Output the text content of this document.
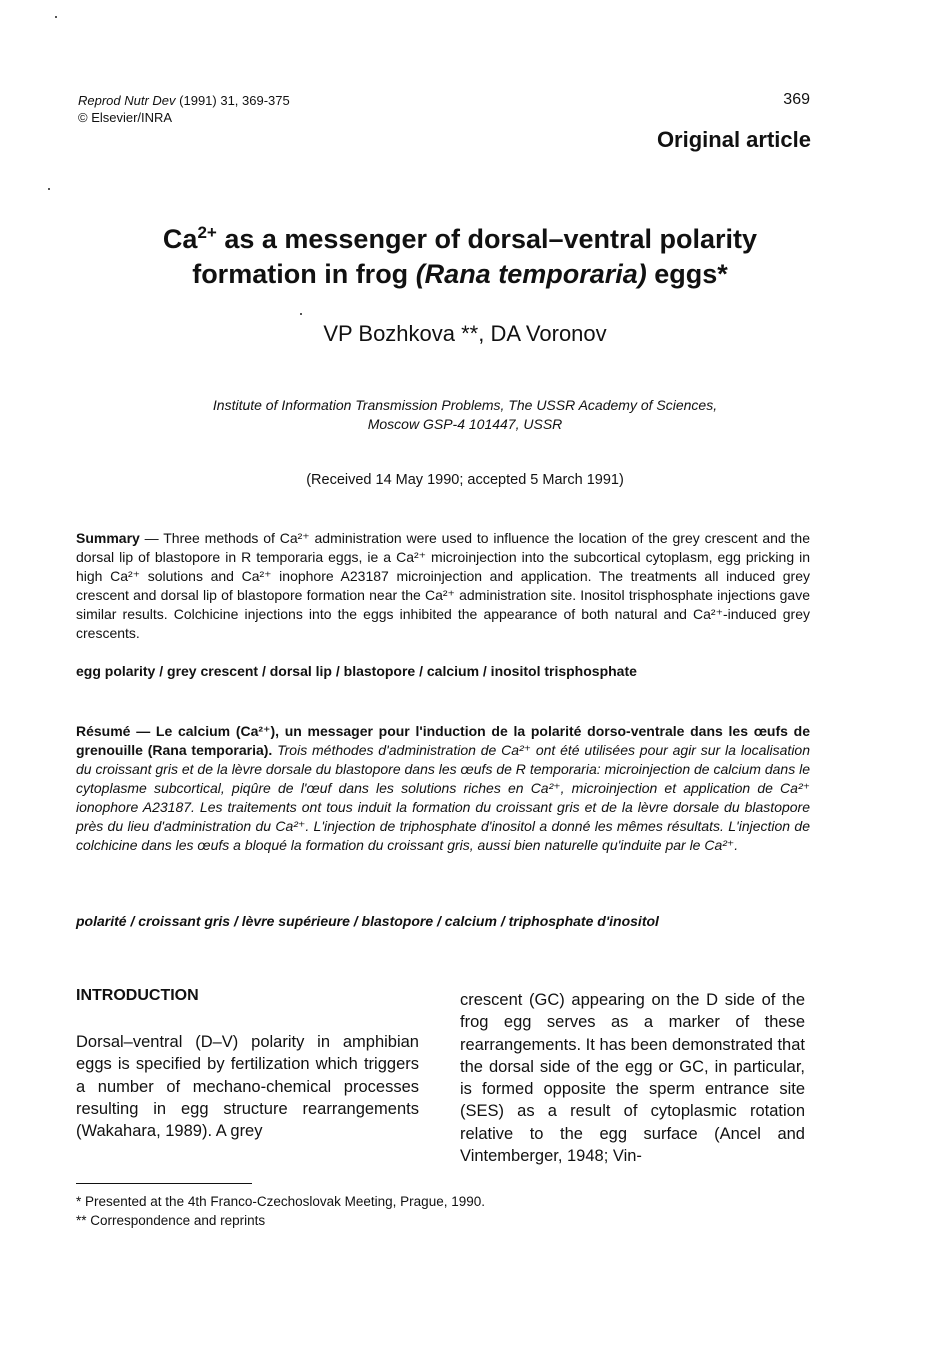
Reprod Nutr Dev (1991) 31, 369-375
© Elsevier/INRA
369
Original article
$Ca^{2+}$ as a messenger of dorsal–ventral polarity
formation in frog (Rana temporaria) eggs*
VP Bozhkova **, DA Voronov
Institute of Information Transmission Problems, The USSR Academy of Sciences,
Moscow GSP-4 101447, USSR
(Received 14 May 1990; accepted 5 March 1991)
Summary — Three methods of Ca²⁺ administration were used to influence the location of the grey crescent and the dorsal lip of blastopore in R temporaria eggs, ie a Ca²⁺ microinjection into the subcortical cytoplasm, egg pricking in high Ca²⁺ solutions and Ca²⁺ inophore A23187 microinjection and application. The treatments all induced grey crescent and dorsal lip of blastopore formation near the Ca²⁺ administration site. Inositol trisphosphate injections gave similar results. Colchicine injections into the eggs inhibited the appearance of both natural and Ca²⁺-induced grey crescents.
egg polarity / grey crescent / dorsal lip / blastopore / calcium / inositol trisphosphate
Résumé — Le calcium (Ca²⁺), un messager pour l'induction de la polarité dorso-ventrale dans les œufs de grenouille (Rana temporaria). Trois méthodes d'administration de Ca²⁺ ont été utilisées pour agir sur la localisation du croissant gris et de la lèvre dorsale du blastopore dans les œufs de R temporaria: microinjection de calcium dans le cytoplasme subcortical, piqûre de l'œuf dans les solutions riches en Ca²⁺, microinjection et application de Ca²⁺ ionophore A23187. Les traitements ont tous induit la formation du croissant gris et de la lèvre dorsale du blastopore près du lieu d'administration du Ca²⁺. L'injection de triphosphate d'inositol a donné les mêmes résultats. L'injection de colchicine dans les œufs a bloqué la formation du croissant gris, aussi bien naturelle qu'induite par le Ca²⁺.
polarité / croissant gris / lèvre supérieure / blastopore / calcium / triphosphate d'inositol
INTRODUCTION
Dorsal–ventral (D–V) polarity in amphibian eggs is specified by fertilization which triggers a number of mechano-chemical processes resulting in egg structure rearrangements (Wakahara, 1989). A grey
crescent (GC) appearing on the D side of the frog egg serves as a marker of these rearrangements. It has been demonstrated that the dorsal side of the egg or GC, in particular, is formed opposite the sperm entrance site (SES) as a result of cytoplasmic rotation relative to the egg surface (Ancel and Vintemberger, 1948; Vin-
* Presented at the 4th Franco-Czechoslovak Meeting, Prague, 1990.
** Correspondence and reprints
